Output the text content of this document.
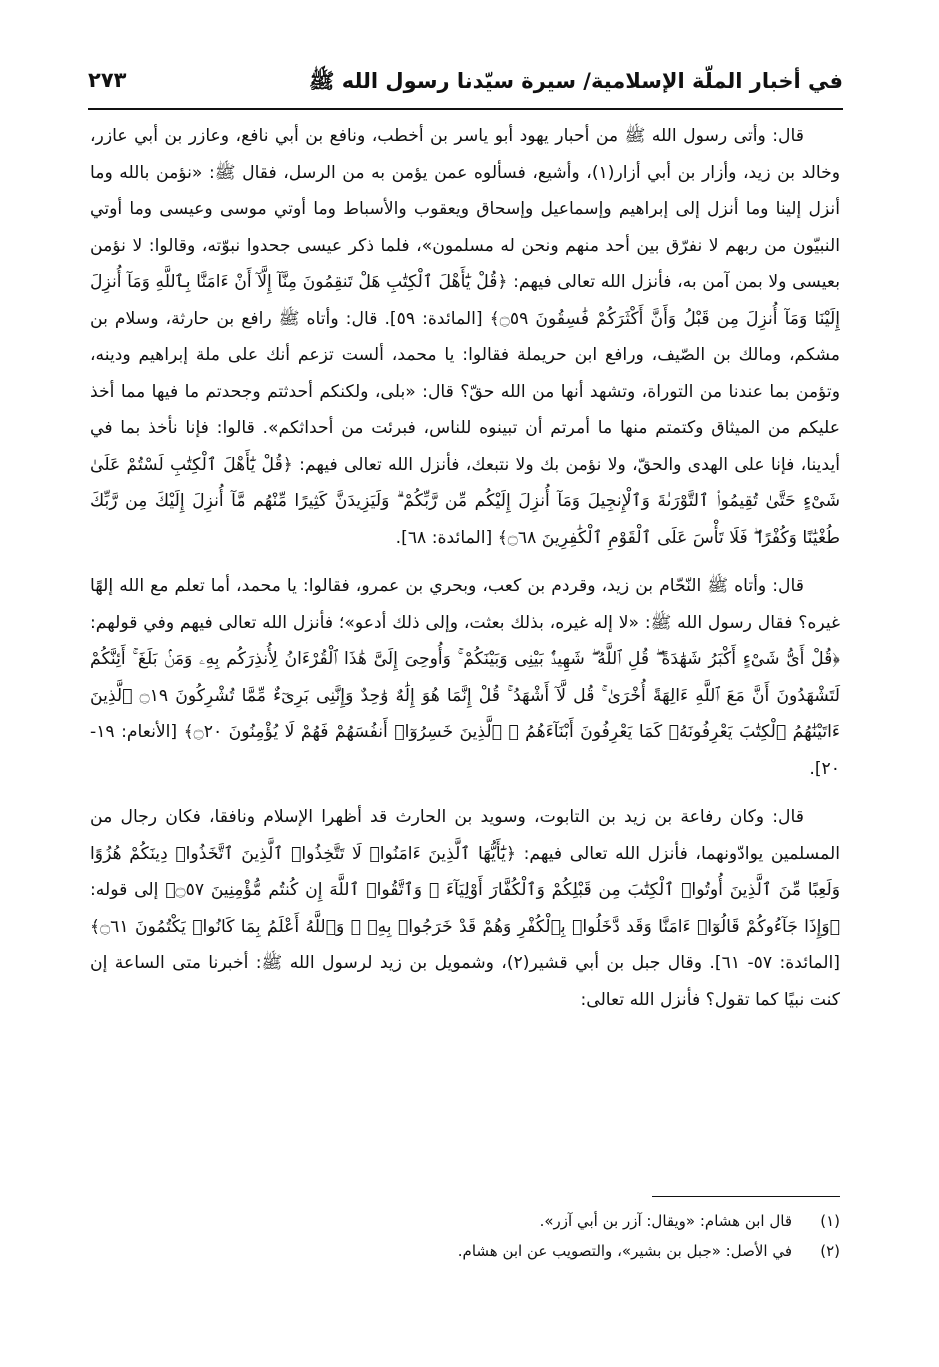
في أخبار الملّة الإسلامية/ سيرة سيّدنا رسول الله ﷺ
٢٧٣

قال: وأتى رسول الله ﷺ من أحبار يهود أبو ياسر بن أخطب، ونافع بن أبي نافع، وعازر بن أبي عازر، وخالد بن زيد، وأزار بن أبي أزار(١)، وأشيع، فسألوه عمن يؤمن به من الرسل، فقال ﷺ: «نؤمن بالله وما أنزل إلينا وما أنزل إلى إبراهيم وإسماعيل وإسحاق ويعقوب والأسباط وما أوتي موسى وعيسى وما أوتي النبيّون من ربهم لا نفرّق بين أحد منهم ونحن له مسلمون»، فلما ذكر عيسى جحدوا نبوّته، وقالوا: لا نؤمن بعيسى ولا بمن آمن به، فأنزل الله تعالى فيهم: ﴿قُلْ يَٰٓأَهْلَ ٱلْكِتَٰبِ هَلْ تَنقِمُونَ مِنَّآ إِلَّآ أَنْ ءَامَنَّا بِٱللَّهِ وَمَآ أُنزِلَ إِلَيْنَا وَمَآ أُنزِلَ مِن قَبْلُ وَأَنَّ أَكْثَرَكُمْ فَٰسِقُونَ ۝٥٩﴾ [المائدة: ٥٩]. قال: وأتاه ﷺ رافع بن حارثة، وسلام بن مشكم، ومالك بن الصّيف، ورافع ابن حريملة فقالوا: يا محمد، ألست تزعم أنك على ملة إبراهيم ودينه، وتؤمن بما عندنا من التوراة، وتشهد أنها من الله حقّ؟ قال: «بلى، ولكنكم أحدثتم وجحدتم ما فيها مما أخذ عليكم من الميثاق وكتمتم منها ما أمرتم أن تبينوه للناس، فبرئت من أحداثكم». قالوا: فإنا نأخذ بما في أيدينا، فإنا على الهدى والحقّ، ولا نؤمن بك ولا نتبعك، فأنزل الله تعالى فيهم: ﴿قُلْ يَٰٓأَهْلَ ٱلْكِتَٰبِ لَسْتُمْ عَلَىٰ شَىْءٍ حَتَّىٰ تُقِيمُوا۟ ٱلتَّوْرَىٰةَ وَٱلْإِنجِيلَ وَمَآ أُنزِلَ إِلَيْكُم مِّن رَّبِّكُمْ ۗ وَلَيَزِيدَنَّ كَثِيرًا مِّنْهُم مَّآ أُنزِلَ إِلَيْكَ مِن رَّبِّكَ طُغْيَٰنًا وَكُفْرًا ۖ فَلَا تَأْسَ عَلَى ٱلْقَوْمِ ٱلْكَٰفِرِينَ ۝٦٨﴾ [المائدة: ٦٨].

قال: وأتاه ﷺ النّحّام بن زيد، وقردم بن كعب، وبحري بن عمرو، فقالوا: يا محمد، أما تعلم مع الله إلهًا غيره؟ فقال رسول الله ﷺ: «لا إله غيره، بذلك بعثت، وإلى ذلك أدعو»؛ فأنزل الله تعالى فيهم وفي قولهم: ﴿قُلْ أَىُّ شَىْءٍ أَكْبَرُ شَهَٰدَةً ۖ قُلِ ٱللَّهُ ۖ شَهِيدٌۢ بَيْنِى وَبَيْنَكُمْ ۚ وَأُوحِىَ إِلَىَّ هَٰذَا ٱلْقُرْءَانُ لِأُنذِرَكُم بِهِۦ وَمَنۢ بَلَغَ ۚ أَئِنَّكُمْ لَتَشْهَدُونَ أَنَّ مَعَ ٱللَّهِ ءَالِهَةً أُخْرَىٰ ۚ قُل لَّآ أَشْهَدُ ۚ قُلْ إِنَّمَا هُوَ إِلَٰهٌ وَٰحِدٌ وَإِنَّنِى بَرِىٓءٌ مِّمَّا تُشْرِكُونَ ۝١٩ ٱلَّذِينَ ءَاتَيْنَٰهُمُ ٱلْكِتَٰبَ يَعْرِفُونَهُۥ كَمَا يَعْرِفُونَ أَبْنَآءَهُمُ ۘ ٱلَّذِينَ خَسِرُوٓا۟ أَنفُسَهُمْ فَهُمْ لَا يُؤْمِنُونَ ۝٢٠﴾ [الأنعام: ١٩- ٢٠].

قال: وكان رفاعة بن زيد بن التابوت، وسويد بن الحارث قد أظهرا الإسلام ونافقا، فكان رجال من المسلمين يوادّونهما، فأنزل الله تعالى فيهم: ﴿يَٰٓأَيُّهَا ٱلَّذِينَ ءَامَنُوا۟ لَا تَتَّخِذُوا۟ ٱلَّذِينَ ٱتَّخَذُوا۟ دِينَكُمْ هُزُوًا وَلَعِبًا مِّنَ ٱلَّذِينَ أُوتُوا۟ ٱلْكِتَٰبَ مِن قَبْلِكُمْ وَٱلْكُفَّارَ أَوْلِيَآءَ ۚ وَٱتَّقُوا۟ ٱللَّهَ إِن كُنتُم مُّؤْمِنِينَ ۝٥٧﴾ إلى قوله: ﴿وَإِذَا جَآءُوكُمْ قَالُوٓا۟ ءَامَنَّا وَقَد دَّخَلُوا۟ بِٱلْكُفْرِ وَهُمْ قَدْ خَرَجُوا۟ بِهِۦ ۚ وَٱللَّهُ أَعْلَمُ بِمَا كَانُوا۟ يَكْتُمُونَ ۝٦١﴾ [المائدة: ٥٧- ٦١]. وقال جبل بن أبي قشير(٢)، وشمويل بن زيد لرسول الله ﷺ: أخبرنا متى الساعة إن كنت نبيًا كما تقول؟ فأنزل الله تعالى:

(١)
قال ابن هشام: «ويقال: آزر بن أبي آزر».
(٢)
في الأصل: «جبل بن بشير»، والتصويب عن ابن هشام.
